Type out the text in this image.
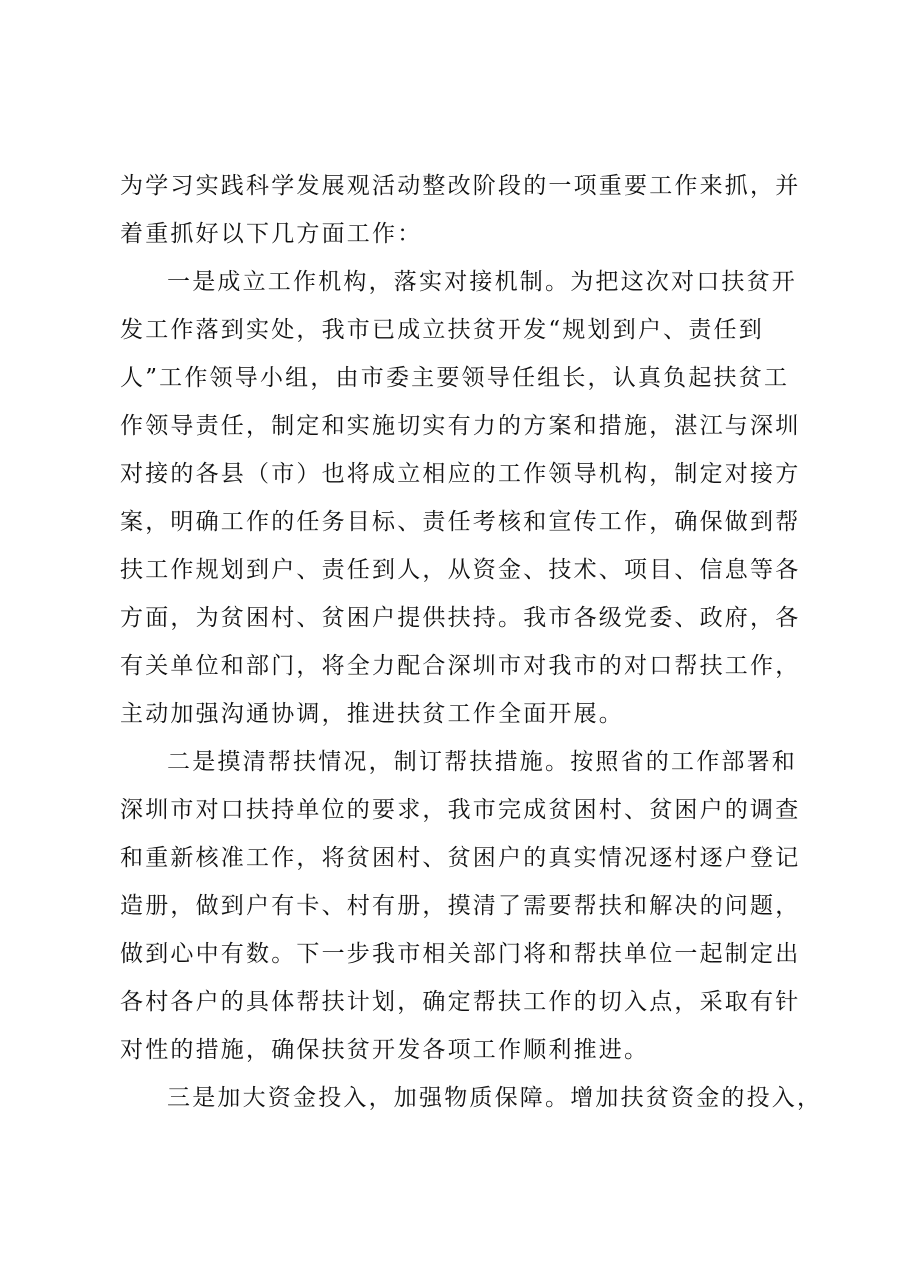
为学习实践科学发展观活动整改阶段的一项重要工作来抓，并

着重抓好以下几方面工作：

一是成立工作机构，落实对接机制。为把这次对口扶贫开

发工作落到实处，我市已成立扶贫开发“规划到户、责任到

人”工作领导小组，由市委主要领导任组长，认真负起扶贫工

作领导责任，制定和实施切实有力的方案和措施，湛江与深圳

对接的各县（市）也将成立相应的工作领导机构，制定对接方

案，明确工作的任务目标、责任考核和宣传工作，确保做到帮

扶工作规划到户、责任到人，从资金、技术、项目、信息等各

方面，为贫困村、贫困户提供扶持。我市各级党委、政府，各

有关单位和部门，将全力配合深圳市对我市的对口帮扶工作，

主动加强沟通协调，推进扶贫工作全面开展。

二是摸清帮扶情况，制订帮扶措施。按照省的工作部署和

深圳市对口扶持单位的要求，我市完成贫困村、贫困户的调查

和重新核准工作，将贫困村、贫困户的真实情况逐村逐户登记

造册，做到户有卡、村有册，摸清了需要帮扶和解决的问题，

做到心中有数。下一步我市相关部门将和帮扶单位一起制定出

各村各户的具体帮扶计划，确定帮扶工作的切入点，采取有针

对性的措施，确保扶贫开发各项工作顺利推进。

三是加大资金投入，加强物质保障。增加扶贫资金的投入，
